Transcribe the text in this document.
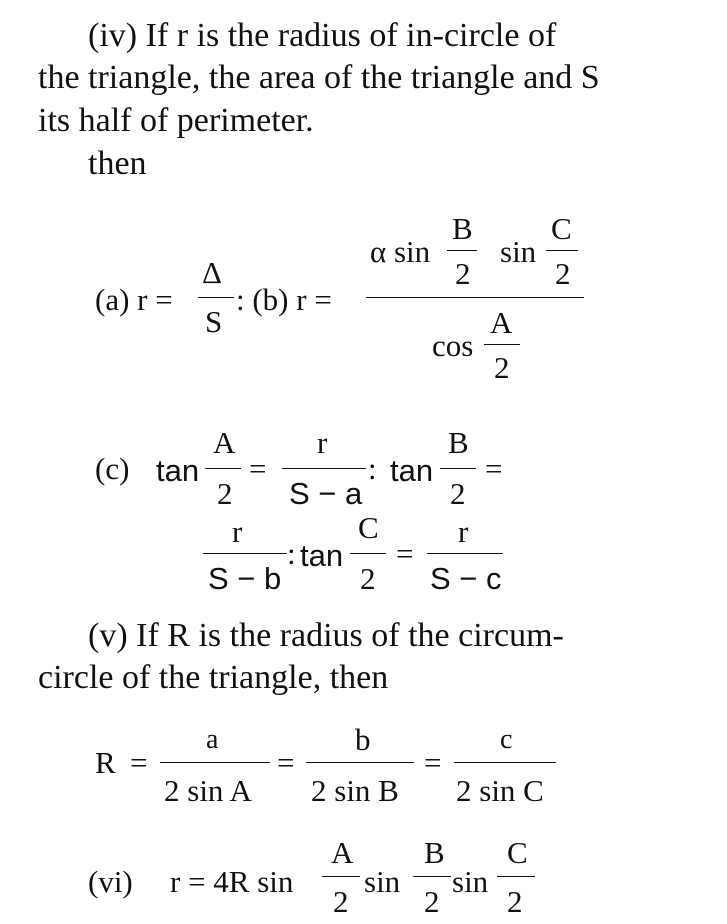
(iv) If r is the radius of in-circle of
the triangle, the area of the triangle and S
its half of perimeter.
then
(a) r =
Δ
S
: (b) r =
α sin
B
2
sin
C
2
cos
A
2
(c) tan
A
2
=
r
S − a
: tan
B
2
=
r
S − b
: tan
C
2
=
r
S − c
(v) If R is the radius of the circum-
circle of the triangle, then
R =
a
2 sin A
=
b
2 sin B
=
c
2 sin C
(vi) r = 4R sin
A
2
sin
B
2
sin
C
2
